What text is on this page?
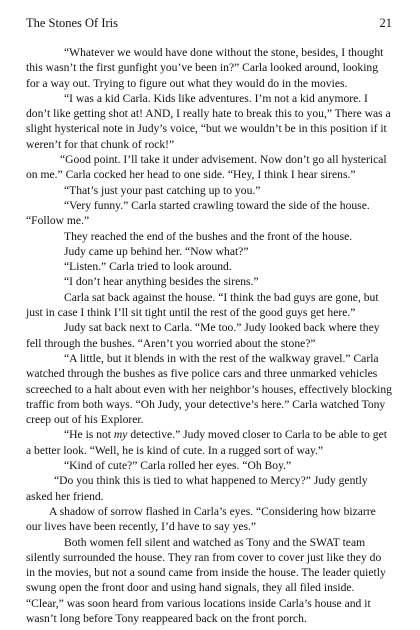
The Stones Of Iris	21

“Whatever we would have done without the stone, besides, I thought this wasn’t the first gunfight you’ve been in?” Carla looked around, looking for a way out. Trying to figure out what they would do in the movies.

“I was a kid Carla. Kids like adventures. I’m not a kid anymore. I don’t like getting shot at! AND, I really hate to break this to you,” There was a slight hysterical note in Judy’s voice, “but we wouldn’t be in this position if it weren’t for that chunk of rock!”

“Good point. I’ll take it under advisement. Now don’t go all hysterical on me.” Carla cocked her head to one side. “Hey, I think I hear sirens.”

“That’s just your past catching up to you.”

“Very funny.” Carla started crawling toward the side of the house.

“Follow me.”

They reached the end of the bushes and the front of the house.

Judy came up behind her. “Now what?”

“Listen.” Carla tried to look around.

“I don’t hear anything besides the sirens.”

Carla sat back against the house. “I think the bad guys are gone, but just in case I think I’ll sit tight until the rest of the good guys get here.”

Judy sat back next to Carla. “Me too.” Judy looked back where they fell through the bushes. “Aren’t you worried about the stone?”

“A little, but it blends in with the rest of the walkway gravel.” Carla watched through the bushes as five police cars and three unmarked vehicles screeched to a halt about even with her neighbor’s houses, effectively blocking traffic from both ways. “Oh Judy, your detective’s here.” Carla watched Tony creep out of his Explorer.

“He is not my detective.” Judy moved closer to Carla to be able to get a better look. “Well, he is kind of cute. In a rugged sort of way.”

“Kind of cute?” Carla rolled her eyes. “Oh Boy.”

“Do you think this is tied to what happened to Mercy?” Judy gently asked her friend.

A shadow of sorrow flashed in Carla’s eyes. “Considering how bizarre our lives have been recently, I’d have to say yes.”

Both women fell silent and watched as Tony and the SWAT team silently surrounded the house. They ran from cover to cover just like they do in the movies, but not a sound came from inside the house. The leader quietly swung open the front door and using hand signals, they all filed inside. “Clear,” was soon heard from various locations inside Carla’s house and it wasn’t long before Tony reappeared back on the front porch.
